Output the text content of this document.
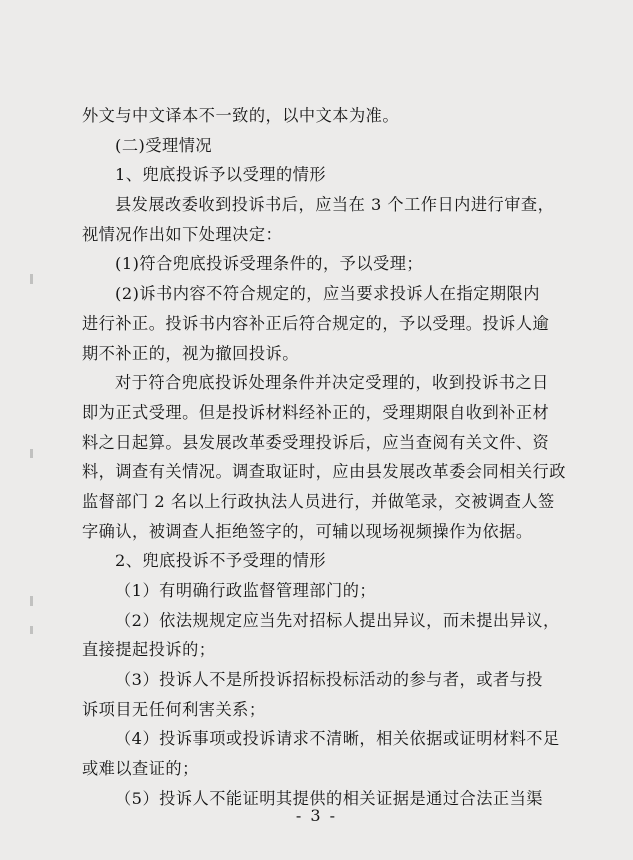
外文与中文译本不一致的，以中文本为准。
(二)受理情况
1、兜底投诉予以受理的情形
县发展改委收到投诉书后，应当在 3 个工作日内进行审查，
视情况作出如下处理决定：
(1)符合兜底投诉受理条件的，予以受理；
(2)诉书内容不符合规定的，应当要求投诉人在指定期限内
进行补正。投诉书内容补正后符合规定的，予以受理。投诉人逾
期不补正的，视为撤回投诉。
对于符合兜底投诉处理条件并决定受理的，收到投诉书之日
即为正式受理。但是投诉材料经补正的，受理期限自收到补正材
料之日起算。县发展改革委受理投诉后，应当查阅有关文件、资
料，调查有关情况。调查取证时，应由县发展改革委会同相关行政
监督部门 2 名以上行政执法人员进行，并做笔录，交被调查人签
字确认，被调查人拒绝签字的，可辅以现场视频操作为依据。
2、兜底投诉不予受理的情形
（1）有明确行政监督管理部门的；
（2）依法规规定应当先对招标人提出异议，而未提出异议，
直接提起投诉的；
（3）投诉人不是所投诉招标投标活动的参与者，或者与投
诉项目无任何利害关系；
（4）投诉事项或投诉请求不清晰，相关依据或证明材料不足
或难以查证的；
（5）投诉人不能证明其提供的相关证据是通过合法正当渠
- 3 -
